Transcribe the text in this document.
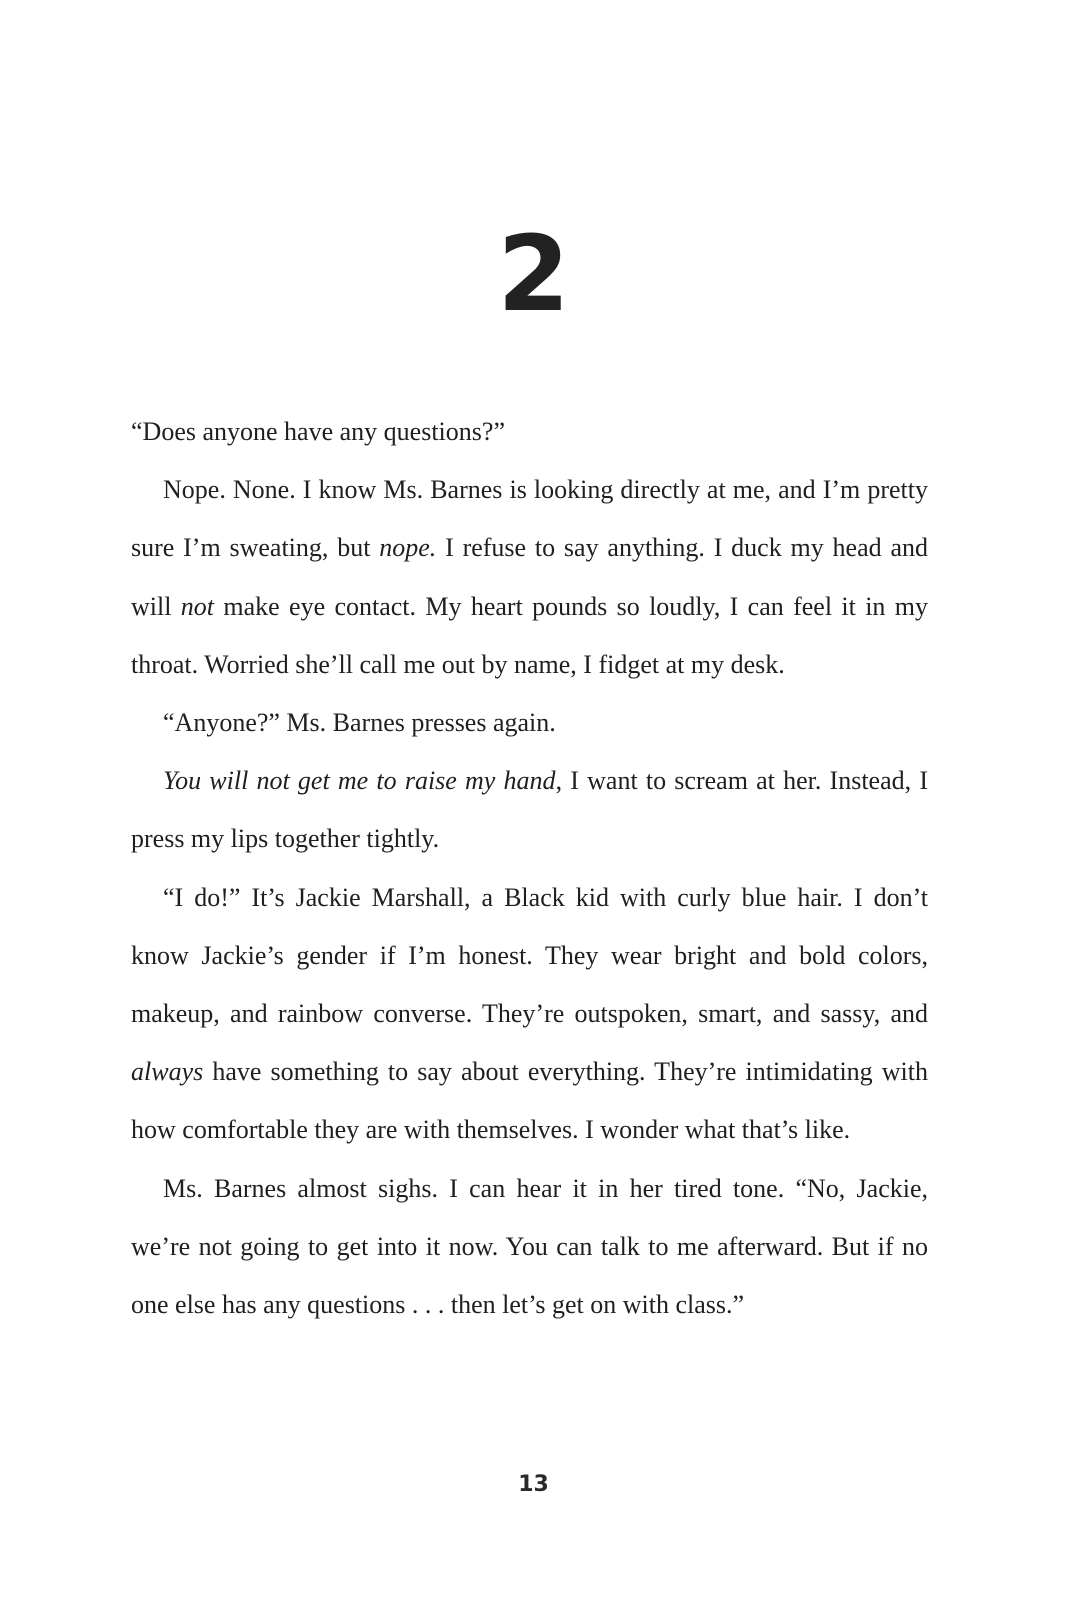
2

“Does anyone have any questions?”

Nope. None. I know Ms. Barnes is looking directly at me, and I’m pretty sure I’m sweating, but nope. I refuse to say anything. I duck my head and will not make eye contact. My heart pounds so loudly, I can feel it in my throat. Worried she’ll call me out by name, I fidget at my desk.

“Anyone?” Ms. Barnes presses again.

You will not get me to raise my hand, I want to scream at her. Instead, I press my lips together tightly.

“I do!” It’s Jackie Marshall, a Black kid with curly blue hair. I don’t know Jackie’s gender if I’m honest. They wear bright and bold colors, makeup, and rainbow converse. They’re outspoken, smart, and sassy, and always have something to say about everything. They’re intimidating with how comfortable they are with themselves. I wonder what that’s like.

Ms. Barnes almost sighs. I can hear it in her tired tone. “No, Jackie, we’re not going to get into it now. You can talk to me afterward. But if no one else has any questions . . . then let’s get on with class.”

13
